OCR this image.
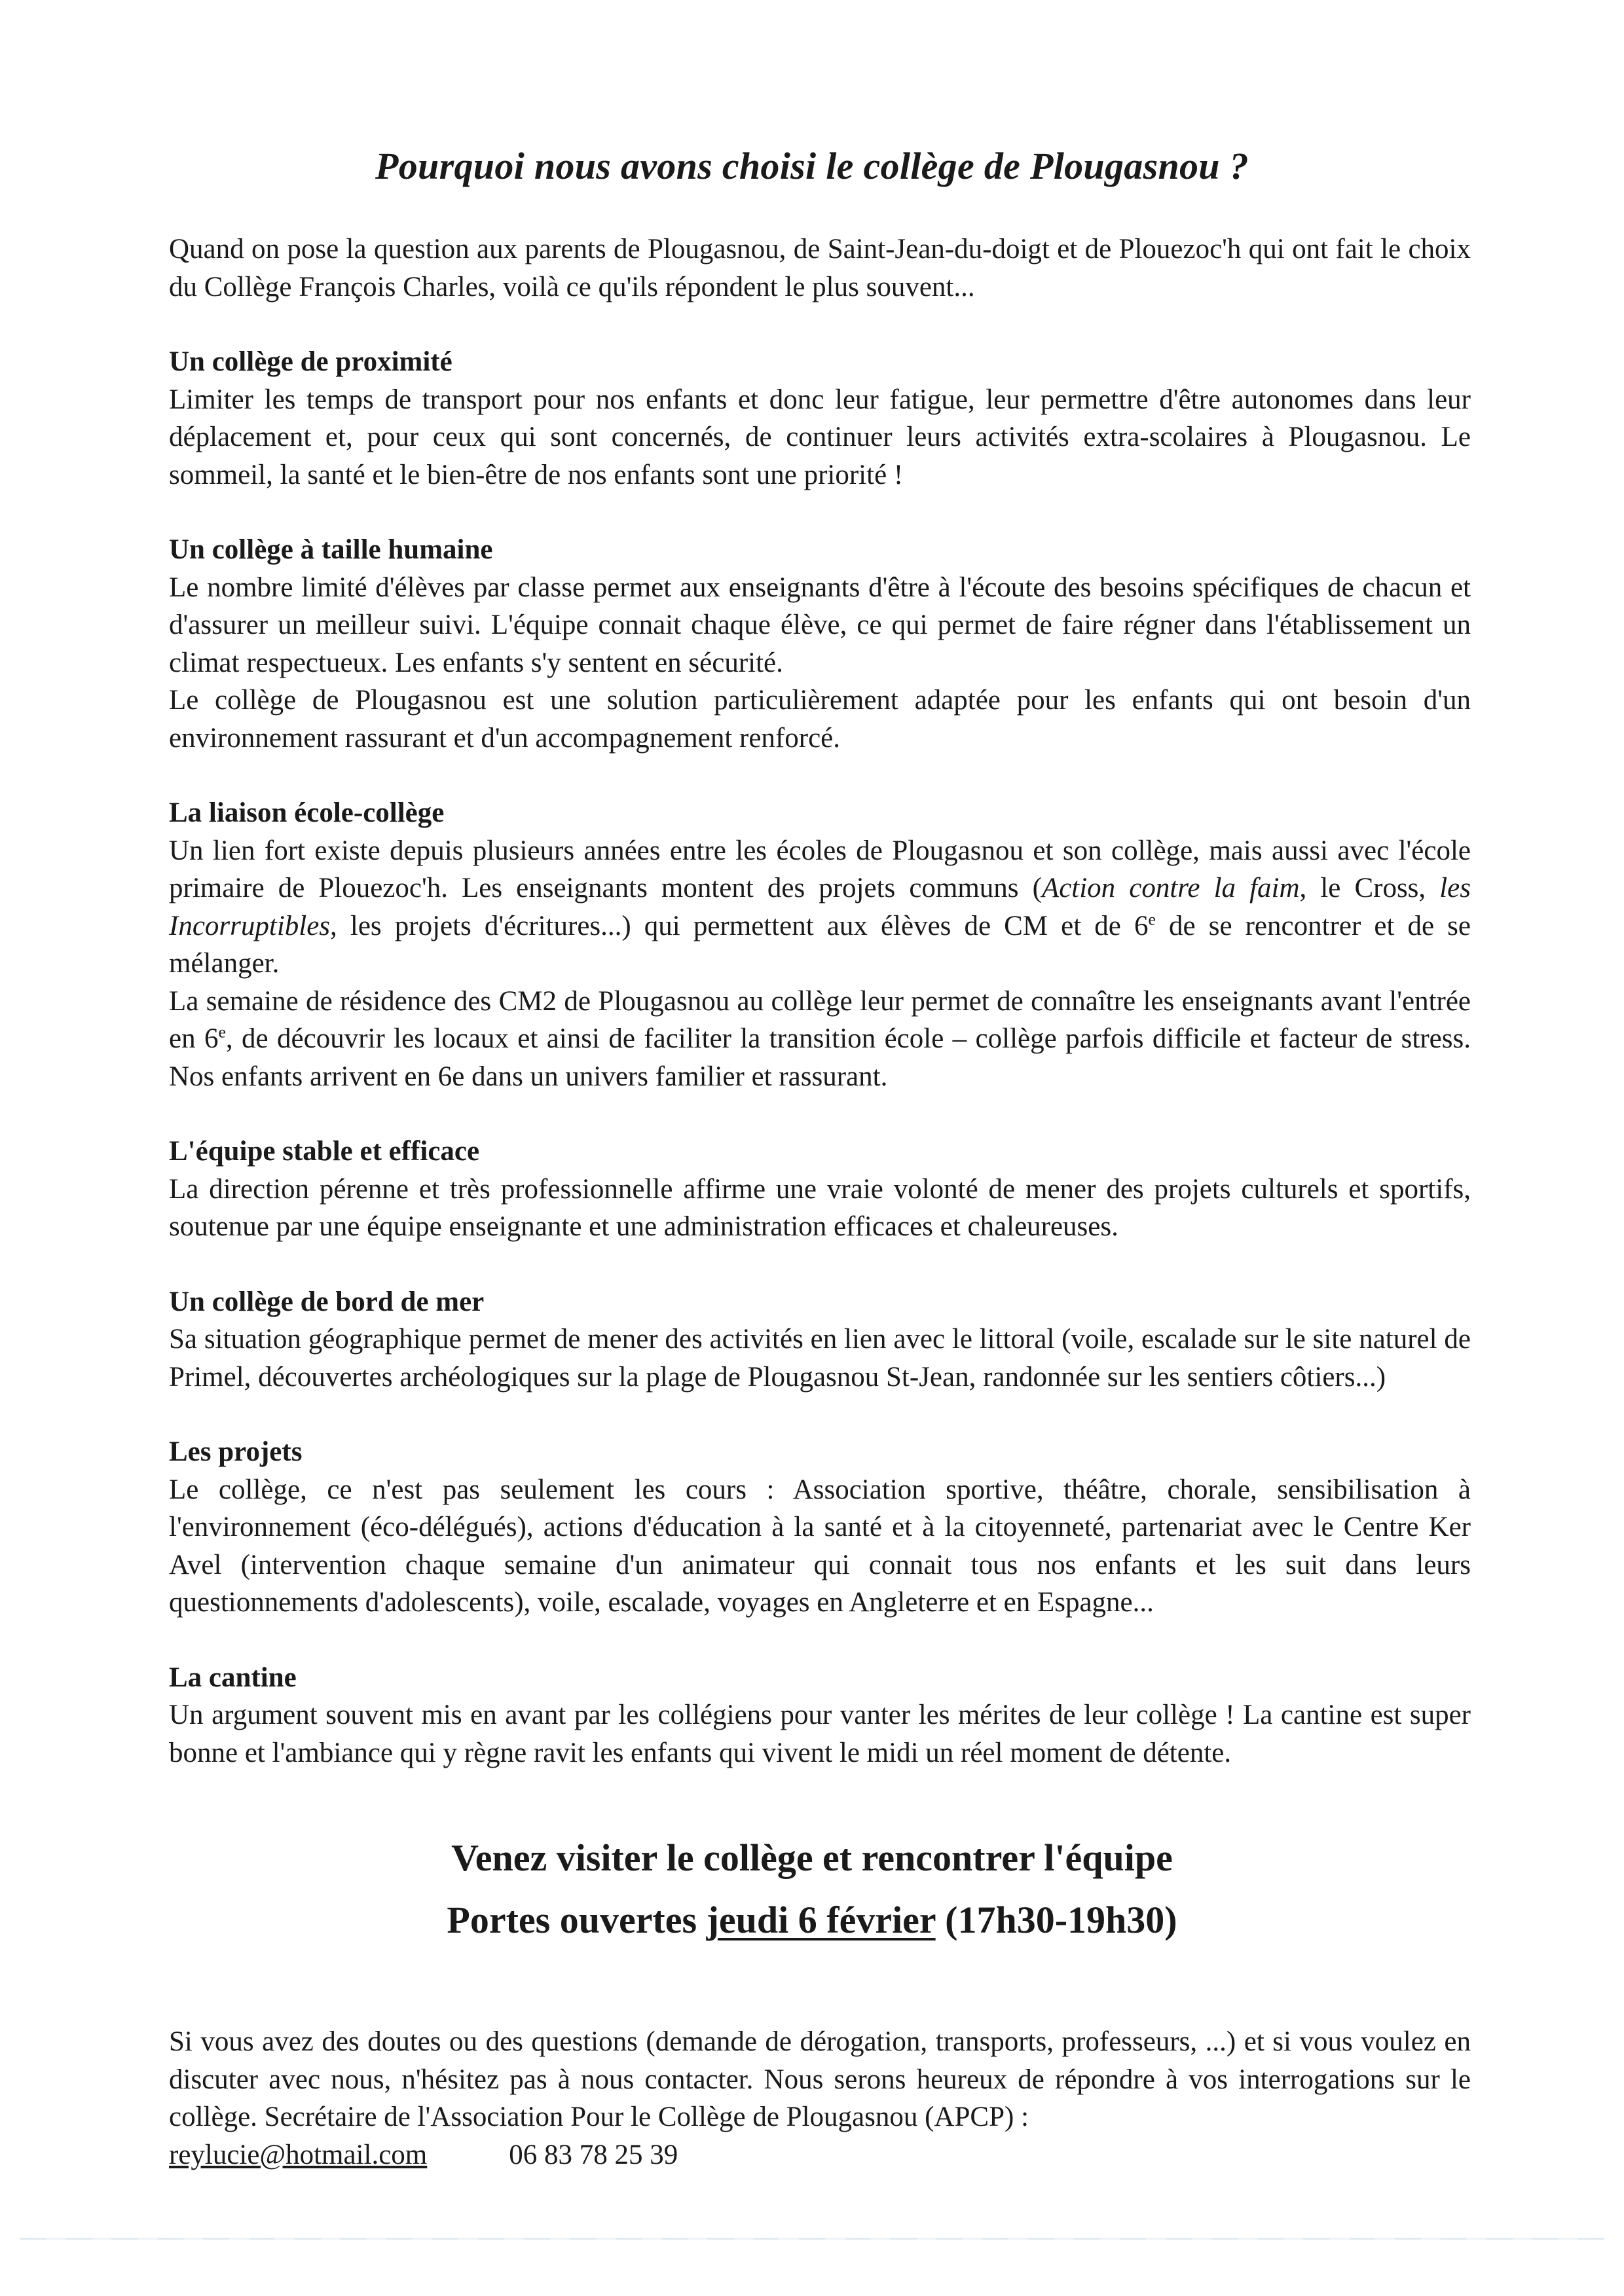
Pourquoi nous avons choisi le collège de Plougasnou ?

Quand on pose la question aux parents de Plougasnou, de Saint-Jean-du-doigt et de Plouezoc'h qui ont fait le choix du Collège François Charles, voilà ce qu'ils répondent le plus souvent...

Un collège de proximité

Limiter les temps de transport pour nos enfants et donc leur fatigue, leur permettre d'être autonomes dans leur déplacement et, pour ceux qui sont concernés, de continuer leurs activités extra-scolaires à Plougasnou. Le sommeil, la santé et le bien-être de nos enfants sont une priorité !

Un collège à taille humaine

Le nombre limité d'élèves par classe permet aux enseignants d'être à l'écoute des besoins spécifiques de chacun et d'assurer un meilleur suivi. L'équipe connait chaque élève, ce qui permet de faire régner dans l'établissement un climat respectueux. Les enfants s'y sentent en sécurité.

Le collège de Plougasnou est une solution particulièrement adaptée pour les enfants qui ont besoin d'un environnement rassurant et d'un accompagnement renforcé.

La liaison école-collège

Un lien fort existe depuis plusieurs années entre les écoles de Plougasnou et son collège, mais aussi avec l'école primaire de Plouezoc'h. Les enseignants montent des projets communs (Action contre la faim, le Cross, les Incorruptibles, les projets d'écritures...) qui permettent aux élèves de CM et de 6e de se rencontrer et de se mélanger.

La semaine de résidence des CM2 de Plougasnou au collège leur permet de connaître les enseignants avant l'entrée en 6e, de découvrir les locaux et ainsi de faciliter la transition école – collège parfois difficile et facteur de stress. Nos enfants arrivent en 6e dans un univers familier et rassurant.

L'équipe stable et efficace

La direction pérenne et très professionnelle affirme une vraie volonté de mener des projets culturels et sportifs, soutenue par une équipe enseignante et une administration efficaces et chaleureuses.

Un collège de bord de mer

Sa situation géographique permet de mener des activités en lien avec le littoral (voile, escalade sur le site naturel de Primel, découvertes archéologiques sur la plage de Plougasnou St-Jean, randonnée sur les sentiers côtiers...)

Les projets

Le collège, ce n'est pas seulement les cours : Association sportive, théâtre, chorale, sensibilisation à l'environnement (éco-délégués), actions d'éducation à la santé et à la citoyenneté, partenariat avec le Centre Ker Avel (intervention chaque semaine d'un animateur qui connait tous nos enfants et les suit dans leurs questionnements d'adolescents), voile, escalade, voyages en Angleterre et en Espagne...

La cantine

Un argument souvent mis en avant par les collégiens pour vanter les mérites de leur collège ! La cantine est super bonne et l'ambiance qui y règne ravit les enfants qui vivent le midi un réel moment de détente.

Venez visiter le collège et rencontrer l'équipe
Portes ouvertes jeudi 6 février (17h30-19h30)

Si vous avez des doutes ou des questions (demande de dérogation, transports, professeurs, ...) et si vous voulez en discuter avec nous, n'hésitez pas à nous contacter. Nous serons heureux de répondre à vos interrogations sur le collège. Secrétaire de l'Association Pour le Collège de Plougasnou (APCP) :

reylucie@hotmail.com	06 83 78 25 39
